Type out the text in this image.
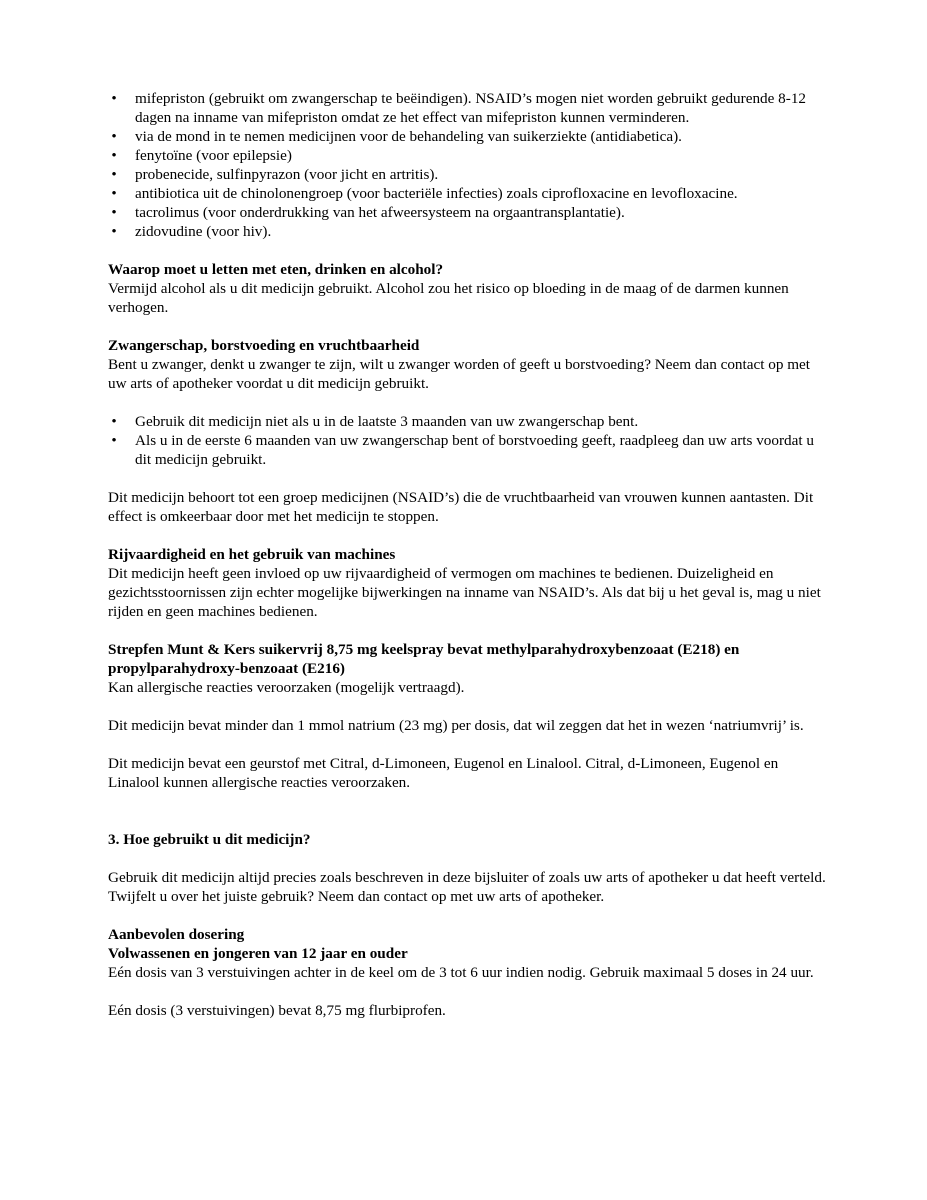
• mifepriston (gebruikt om zwangerschap te beëindigen). NSAID’s mogen niet worden gebruikt gedurende 8-12 dagen na inname van mifepriston omdat ze het effect van mifepriston kunnen verminderen.
• via de mond in te nemen medicijnen voor de behandeling van suikerziekte (antidiabetica).
• fenytoïne (voor epilepsie)
• probenecide, sulfinpyrazon (voor jicht en artritis).
• antibiotica uit de chinolonengroep (voor bacteriële infecties) zoals ciprofloxacine en levofloxacine.
• tacrolimus (voor onderdrukking van het afweersysteem na orgaantransplantatie).
• zidovudine (voor hiv).

Waarop moet u letten met eten, drinken en alcohol?

Vermijd alcohol als u dit medicijn gebruikt. Alcohol zou het risico op bloeding in de maag of de darmen kunnen verhogen.

Zwangerschap, borstvoeding en vruchtbaarheid

Bent u zwanger, denkt u zwanger te zijn, wilt u zwanger worden of geeft u borstvoeding? Neem dan contact op met uw arts of apotheker voordat u dit medicijn gebruikt.

• Gebruik dit medicijn niet als u in de laatste 3 maanden van uw zwangerschap bent.
• Als u in de eerste 6 maanden van uw zwangerschap bent of borstvoeding geeft, raadpleeg dan uw arts voordat u dit medicijn gebruikt.

Dit medicijn behoort tot een groep medicijnen (NSAID’s) die de vruchtbaarheid van vrouwen kunnen aantasten. Dit effect is omkeerbaar door met het medicijn te stoppen.

Rijvaardigheid en het gebruik van machines

Dit medicijn heeft geen invloed op uw rijvaardigheid of vermogen om machines te bedienen. Duizeligheid en gezichtsstoornissen zijn echter mogelijke bijwerkingen na inname van NSAID’s. Als dat bij u het geval is, mag u niet rijden en geen machines bedienen.

Strepfen Munt & Kers suikervrij 8,75 mg keelspray bevat methylparahydroxybenzoaat (E218) en propylparahydroxy-benzoaat (E216)

Kan allergische reacties veroorzaken (mogelijk vertraagd).

Dit medicijn bevat minder dan 1 mmol natrium (23 mg) per dosis, dat wil zeggen dat het in wezen ‘natriumvrij’ is.

Dit medicijn bevat een geurstof met Citral, d-Limoneen, Eugenol en Linalool. Citral, d-Limoneen, Eugenol en Linalool kunnen allergische reacties veroorzaken.

3. Hoe gebruikt u dit medicijn?

Gebruik dit medicijn altijd precies zoals beschreven in deze bijsluiter of zoals uw arts of apotheker u dat heeft verteld. Twijfelt u over het juiste gebruik? Neem dan contact op met uw arts of apotheker.

Aanbevolen dosering

Volwassenen en jongeren van 12 jaar en ouder

Eén dosis van 3 verstuivingen achter in de keel om de 3 tot 6 uur indien nodig. Gebruik maximaal 5 doses in 24 uur.

Eén dosis (3 verstuivingen) bevat 8,75 mg flurbiprofen.
